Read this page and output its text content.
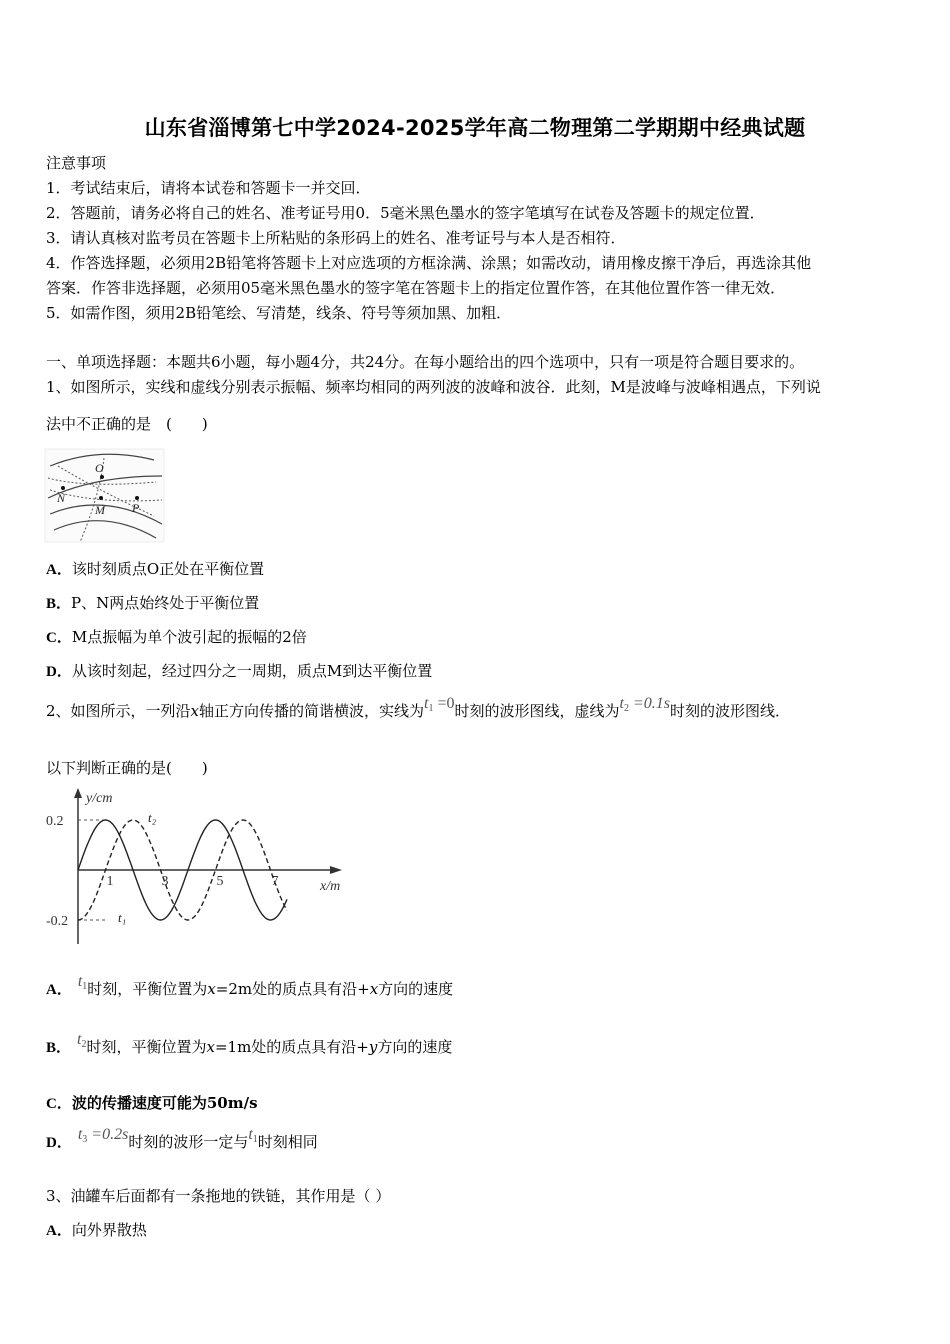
山东省淄博第七中学2024-2025学年高二物理第二学期期中经典试题
注意事项
1．考试结束后，请将本试卷和答题卡一并交回．
2．答题前，请务必将自己的姓名、准考证号用0．5毫米黑色墨水的签字笔填写在试卷及答题卡的规定位置．
3．请认真核对监考员在答题卡上所粘贴的条形码上的姓名、准考证号与本人是否相符．
4．作答选择题，必须用2B铅笔将答题卡上对应选项的方框涂满、涂黑；如需改动，请用橡皮擦干净后，再选涂其他
答案．作答非选择题，必须用05毫米黑色墨水的签字笔在答题卡上的指定位置作答，在其他位置作答一律无效．
5．如需作图，须用2B铅笔绘、写清楚，线条、符号等须加黑、加粗．
一、单项选择题：本题共6小题，每小题4分，共24分。在每小题给出的四个选项中，只有一项是符合题目要求的。
1、如图所示，实线和虚线分别表示振幅、频率均相同的两列波的波峰和波谷．此刻，M是波峰与波峰相遇点，下列说
法中不正确的是　(　　)
O
N
M P
A．该时刻质点O正处在平衡位置
B．P、N两点始终处于平衡位置
C．M点振幅为单个波引起的振幅的2倍
D．从该时刻起，经过四分之一周期，质点M到达平衡位置
2、如图所示，一列沿x轴正方向传播的简谐横波，实线为$t_1 =0$时刻的波形图线，虚线为$t_2 =0.1s$时刻的波形图线．
以下判断正确的是(　　)
y/cm
x/m
0.2
-0.2
1	3	5	7
t₂
t₁
A． $t_1$时刻，平衡位置为x=2m处的质点具有沿+x方向的速度
B． $t_2$时刻，平衡位置为x=1m处的质点具有沿+y方向的速度
C．波的传播速度可能为50m/s
D． $t_3 =0.2s$时刻的波形一定与$t_1$时刻相同
3、油罐车后面都有一条拖地的铁链，其作用是（ ）
A．向外界散热
